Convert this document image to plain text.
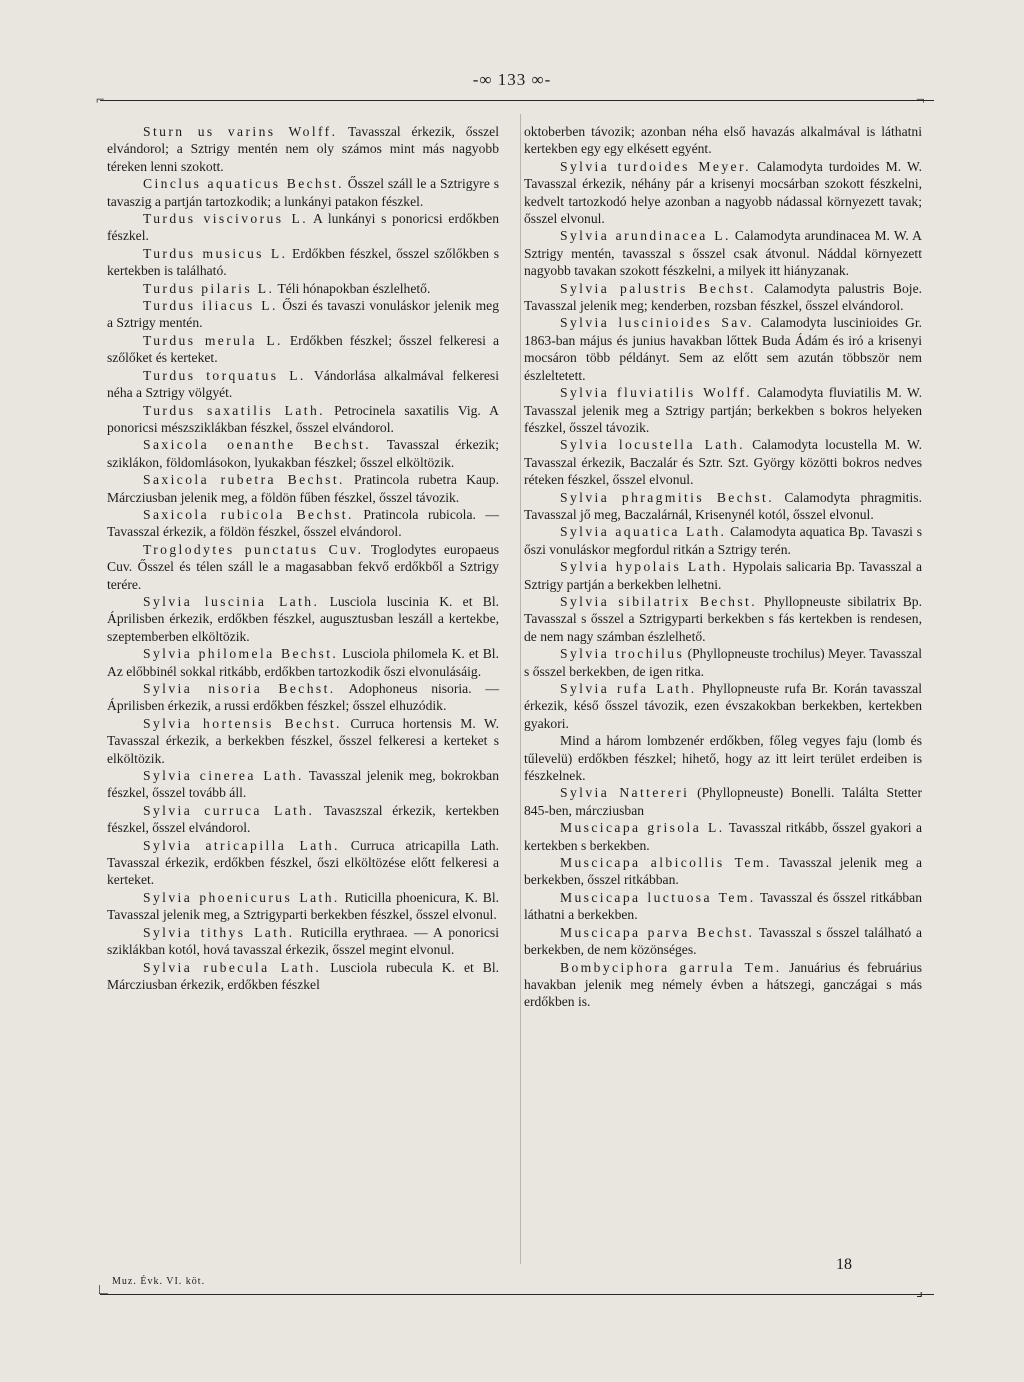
-∞ 133 ∞-
⌐	¬

Sturn us varins Wolff. Tavasszal érkezik, ősszel elvándorol; a Sztrigy mentén nem oly számos mint más nagyobb téreken lenni szokott.

Cinclus aquaticus Bechst. Ősszel száll le a Sztrigyre s tavaszig a partján tartozkodik; a lunkányi patakon fészkel.

Turdus viscivorus L. A lunkányi s ponoricsi erdőkben fészkel.

Turdus musicus L. Erdőkben fészkel, ősszel szőlőkben s kertekben is található.

Turdus pilaris L. Téli hónapokban észlelhető.

Turdus iliacus L. Őszi és tavaszi vonuláskor jelenik meg a Sztrigy mentén.

Turdus merula L. Erdőkben fészkel; ősszel felkeresi a szőlőket és kerteket.

Turdus torquatus L. Vándorlása alkalmával felkeresi néha a Sztrigy völgyét.

Turdus saxatilis Lath. Petrocinela saxatilis Vig. A ponoricsi mészsziklákban fészkel, ősszel elvándorol.

Saxicola oenanthe Bechst. Tavasszal érkezik; sziklákon, földomlásokon, lyukakban fészkel; ősszel elköltözik.

Saxicola rubetra Bechst. Pratincola rubetra Kaup. Márcziusban jelenik meg, a földön fűben fészkel, ősszel távozik.

Saxicola rubicola Bechst. Pratincola rubicola. — Tavasszal érkezik, a földön fészkel, ősszel elvándorol.

Troglodytes punctatus Cuv. Troglodytes europaeus Cuv. Ősszel és télen száll le a magasabban fekvő erdőkből a Sztrigy terére.

Sylvia luscinia Lath. Lusciola luscinia K. et Bl. Áprilisben érkezik, erdőkben fészkel, augusztusban leszáll a kertekbe, szeptemberben elköltözik.

Sylvia philomela Bechst. Lusciola philomela K. et Bl. Az előbbinél sokkal ritkább, erdőkben tartozkodik őszi elvonulásáig.

Sylvia nisoria Bechst. Adophoneus nisoria. —Áprilisben érkezik, a russi erdőkben fészkel; ősszel elhuzódik.

Sylvia hortensis Bechst. Curruca hortensis M. W. Tavasszal érkezik, a berkekben fészkel, ősszel felkeresi a kerteket s elköltözik.

Sylvia cinerea Lath. Tavasszal jelenik meg, bokrokban fészkel, ősszel tovább áll.

Sylvia curruca Lath. Tavaszszal érkezik, kertekben fészkel, ősszel elvándorol.

Sylvia atricapilla Lath. Curruca atricapilla Lath. Tavasszal érkezik, erdőkben fészkel, őszi elköltözése előtt felkeresi a kerteket.

Sylvia phoenicurus Lath. Ruticilla phoenicura, K. Bl. Tavasszal jelenik meg, a Sztrigyparti berkekben fészkel, ősszel elvonul.

Sylvia tithys Lath. Ruticilla erythraea. — A ponoricsi sziklákban kotól, hová tavasszal érkezik, ősszel megint elvonul.

Sylvia rubecula Lath. Lusciola rubecula K. et Bl. Márcziusban érkezik, erdőkben fészkel

oktoberben távozik; azonban néha első havazás alkalmával is láthatni kertekben egy egy elkésett egyént.

Sylvia turdoides Meyer. Calamodyta turdoides M. W. Tavasszal érkezik, néhány pár a krisenyi mocsárban szokott fészkelni, kedvelt tartozkodó helye azonban a nagyobb nádassal környezett tavak; ősszel elvonul.

Sylvia arundinacea L. Calamodyta arundinacea M. W. A Sztrigy mentén, tavasszal s ősszel csak átvonul. Náddal környezett nagyobb tavakan szokott fészkelni, a milyek itt hiányzanak.

Sylvia palustris Bechst. Calamodyta palustris Boje. Tavasszal jelenik meg; kenderben, rozsban fészkel, ősszel elvándorol.

Sylvia luscinioides Sav. Calamodyta luscinioides Gr. 1863-ban május és junius havakban lőttek Buda Ádám és iró a krisenyi mocsáron több példányt. Sem az előtt sem azután többször nem észleltetett.

Sylvia fluviatilis Wolff. Calamodyta fluviatilis M. W. Tavasszal jelenik meg a Sztrigy partján; berkekben s bokros helyeken fészkel, ősszel távozik.

Sylvia locustella Lath. Calamodyta locustella M. W. Tavasszal érkezik, Baczalár és Sztr. Szt. György közötti bokros nedves réteken fészkel, ősszel elvonul.

Sylvia phragmitis Bechst. Calamodyta phragmitis. Tavasszal jő meg, Baczalárnál, Krisenynél kotól, ősszel elvonul.

Sylvia aquatica Lath. Calamodyta aquatica Bp. Tavaszi s őszi vonuláskor megfordul ritkán a Sztrigy terén.

Sylvia hypolais Lath. Hypolais salicaria Bp. Tavasszal a Sztrigy partján a berkekben lelhetni.

Sylvia sibilatrix Bechst. Phyllopneuste sibilatrix Bp. Tavasszal s ősszel a Sztrigyparti berkekben s fás kertekben is rendesen, de nem nagy számban észlelhető.

Sylvia trochilus (Phyllopneuste trochilus) Meyer. Tavasszal s ősszel berkekben, de igen ritka.

Sylvia rufa Lath. Phyllopneuste rufa Br. Korán tavasszal érkezik, késő ősszel távozik, ezen évszakokban berkekben, kertekben gyakori.

Mind a három lombzenér erdőkben, főleg vegyes faju (lomb és tűlevelü) erdőkben fészkel; hihető, hogy az itt leirt terület erdeiben is fészkelnek.

Sylvia Nattereri (Phyllopneuste) Bonelli. Találta Stetter 845-ben, márcziusban

Muscicapa grisola L. Tavasszal ritkább, ősszel gyakori a kertekben s berkekben.

Muscicapa albicollis Tem. Tavasszal jelenik meg a berkekben, ősszel ritkábban.

Muscicapa luctuosa Tem. Tavasszal és ősszel ritkábban láthatni a berkekben.

Muscicapa parva Bechst. Tavasszal s ősszel található a berkekben, de nem közönséges.

Bombyciphora garrula Tem. Januárius és februárius havakban jelenik meg némely évben a hátszegi, ganczágai s más erdőkben is.

Muz. Évk. VI. köt.
18
∟	⌟
